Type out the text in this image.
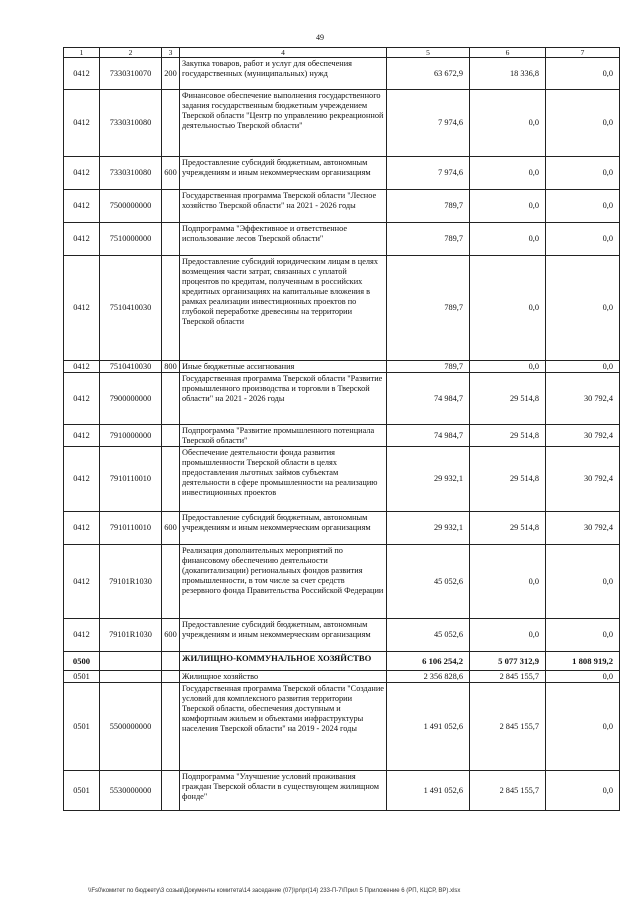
49
1	2	3	4	5	6	7
0412	7330310070	200	Закупка товаров, работ и услуг для обеспечения государственных (муниципальных) нужд	63 672,9	18 336,8	0,0
0412	7330310080		Финансовое обеспечение выполнения государственного задания государственным бюджетным учреждением Тверской области "Центр по управлению рекреационной деятельностью Тверской области"	7 974,6	0,0	0,0
0412	7330310080	600	Предоставление субсидий бюджетным, автономным учреждениям и иным некоммерческим организациям	7 974,6	0,0	0,0
0412	7500000000		Государственная программа Тверской области "Лесное хозяйство Тверской области" на 2021 - 2026 годы	789,7	0,0	0,0
0412	7510000000		Подпрограмма "Эффективное и ответственное использование лесов Тверской области"	789,7	0,0	0,0
0412	7510410030		Предоставление субсидий юридическим лицам в целях возмещения части затрат, связанных с уплатой процентов по кредитам, полученным в российских кредитных организациях на капитальные вложения в рамках реализации инвестиционных проектов по глубокой переработке древесины на территории Тверской области	789,7	0,0	0,0
0412	7510410030	800	Иные бюджетные ассигнования	789,7	0,0	0,0
0412	7900000000		Государственная программа Тверской области "Развитие промышленного производства и торговли в Тверской области" на 2021 - 2026 годы	74 984,7	29 514,8	30 792,4
0412	7910000000		Подпрограмма "Развитие промышленного потенциала Тверской области"	74 984,7	29 514,8	30 792,4
0412	7910110010		Обеспечение деятельности фонда развития промышленности Тверской области в целях предоставления льготных займов субъектам деятельности в сфере промышленности на реализацию инвестиционных проектов	29 932,1	29 514,8	30 792,4
0412	7910110010	600	Предоставление субсидий бюджетным, автономным учреждениям и иным некоммерческим организациям	29 932,1	29 514,8	30 792,4
0412	79101R1030		Реализация дополнительных мероприятий по финансовому обеспечению деятельности (докапитализации) региональных фондов развития промышленности, в том числе за счет средств резервного фонда Правительства Российской Федерации	45 052,6	0,0	0,0
0412	79101R1030	600	Предоставление субсидий бюджетным, автономным учреждениям и иным некоммерческим организациям	45 052,6	0,0	0,0
0500			ЖИЛИЩНО-КОММУНАЛЬНОЕ ХОЗЯЙСТВО	6 106 254,2	5 077 312,9	1 808 919,2
0501			Жилищное хозяйство	2 356 828,6	2 845 155,7	0,0
0501	5500000000		Государственная программа Тверской области "Создание условий для комплексного развития территории Тверской области, обеспечения доступным и комфортным жильем и объектами инфраструктуры населения Тверской области" на 2019 - 2024 годы	1 491 052,6	2 845 155,7	0,0
0501	5530000000		Подпрограмма "Улучшение условий проживания граждан Тверской области в существующем жилищном фонде"	1 491 052,6	2 845 155,7	0,0
\\Fs0\комитет по бюджету\3 созыв\Документы комитета\14 заседание (07)\pr\pr(14) 233-П-7\Прил 5 Приложение 6 (РП, КЦСР, ВР).xlsx
